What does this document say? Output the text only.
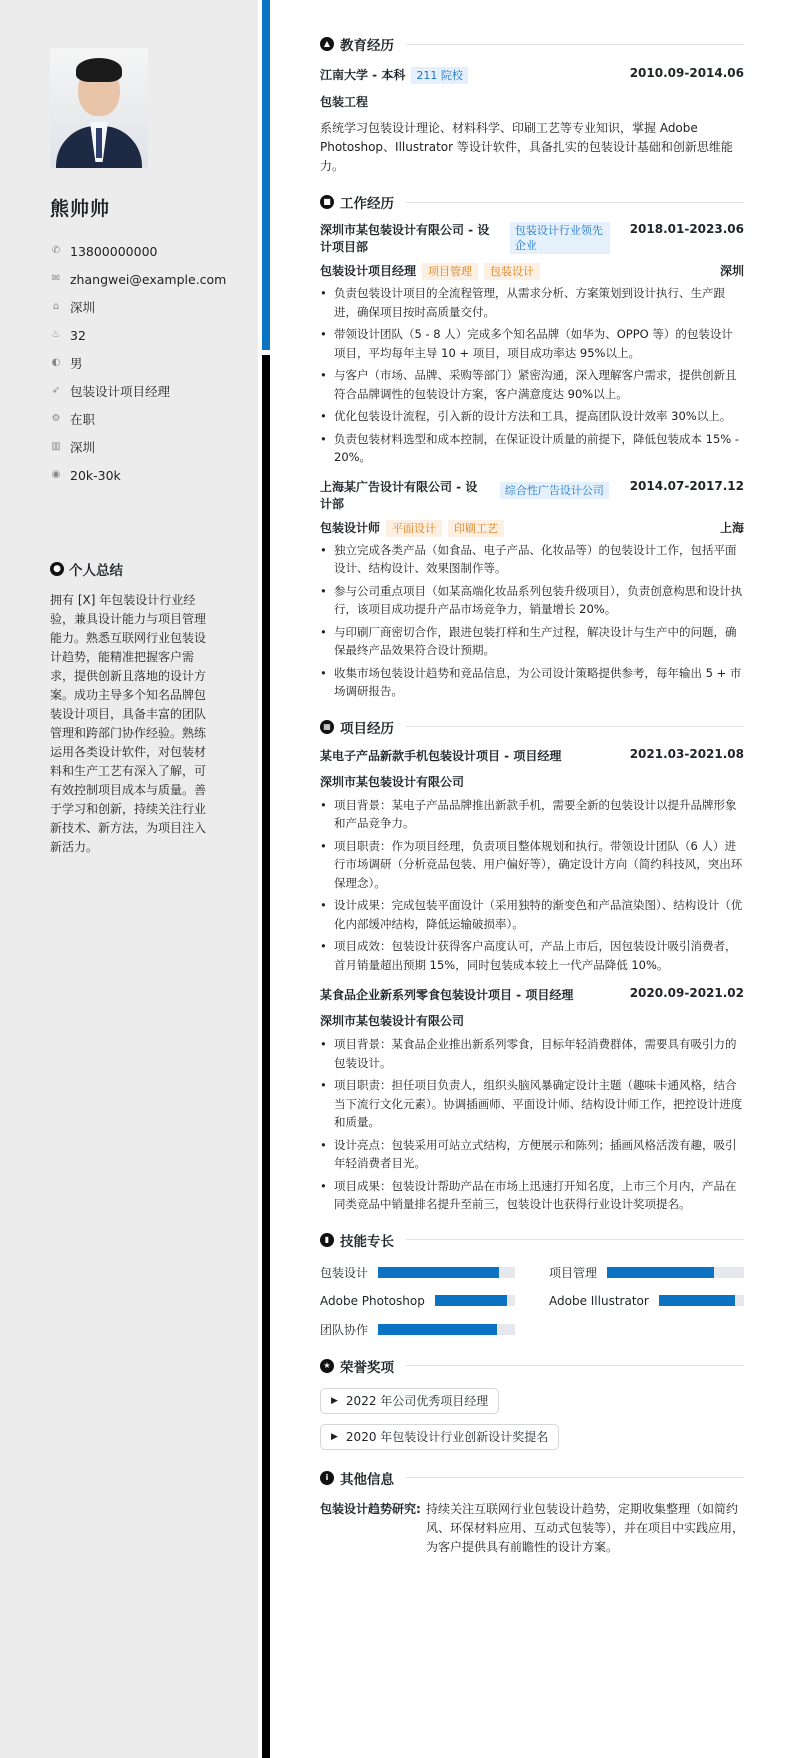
熊帅帅
✆ 13800000000
✉ zhangwei@example.com
⌂ 深圳
♨ 32
◐ 男
➶ 包装设计项目经理
⚙ 在职
▥ 深圳
◉ 20k-30k
● 个人总结
拥有 [X] 年包装设计行业经验，兼具设计能力与项目管理能力。熟悉互联网行业包装设计趋势，能精准把握客户需求，提供创新且落地的设计方案。成功主导多个知名品牌包装设计项目，具备丰富的团队管理和跨部门协作经验。熟练运用各类设计软件，对包装材料和生产工艺有深入了解，可有效控制项目成本与质量。善于学习和创新，持续关注行业新技术、新方法，为项目注入新活力。
▲ 教育经历
江南大学 - 本科 211 院校	2010.09-2014.06
包装工程
系统学习包装设计理论、材料科学、印刷工艺等专业知识，掌握 Adobe Photoshop、Illustrator 等设计软件，具备扎实的包装设计基础和创新思维能力。
■ 工作经历
深圳市某包装设计有限公司 - 设计项目部
包装设计行业领先企业
2018.01-2023.06
包装设计项目经理 项目管理 包装设计	深圳
• 负责包装设计项目的全流程管理，从需求分析、方案策划到设计执行、生产跟进，确保项目按时高质量交付。
• 带领设计团队（5 - 8 人）完成多个知名品牌（如华为、OPPO 等）的包装设计项目，平均每年主导 10 + 项目，项目成功率达 95%以上。
• 与客户（市场、品牌、采购等部门）紧密沟通，深入理解客户需求，提供创新且符合品牌调性的包装设计方案，客户满意度达 90%以上。
• 优化包装设计流程，引入新的设计方法和工具，提高团队设计效率 30%以上。
• 负责包装材料选型和成本控制，在保证设计质量的前提下，降低包装成本 15% - 20%。
上海某广告设计有限公司 - 设计部
综合性广告设计公司	2014.07-2017.12
包装设计师 平面设计 印刷工艺	上海
• 独立完成各类产品（如食品、电子产品、化妆品等）的包装设计工作，包括平面设计、结构设计、效果图制作等。
• 参与公司重点项目（如某高端化妆品系列包装升级项目），负责创意构思和设计执行，该项目成功提升产品市场竞争力，销量增长 20%。
• 与印刷厂商密切合作，跟进包装打样和生产过程，解决设计与生产中的问题，确保最终产品效果符合设计预期。
• 收集市场包装设计趋势和竞品信息，为公司设计策略提供参考，每年输出 5 + 市场调研报告。
▦ 项目经历
某电子产品新款手机包装设计项目 - 项目经理	2021.03-2021.08
深圳市某包装设计有限公司
• 项目背景：某电子产品品牌推出新款手机，需要全新的包装设计以提升品牌形象和产品竞争力。
• 项目职责：作为项目经理，负责项目整体规划和执行。带领设计团队（6 人）进行市场调研（分析竞品包装、用户偏好等），确定设计方向（简约科技风，突出环保理念）。
• 设计成果：完成包装平面设计（采用独特的渐变色和产品渲染图）、结构设计（优化内部缓冲结构，降低运输破损率）。
• 项目成效：包装设计获得客户高度认可，产品上市后，因包装设计吸引消费者，首月销量超出预期 15%，同时包装成本较上一代产品降低 10%。
某食品企业新系列零食包装设计项目 - 项目经理	2020.09-2021.02
深圳市某包装设计有限公司
• 项目背景：某食品企业推出新系列零食，目标年轻消费群体，需要具有吸引力的包装设计。
• 项目职责：担任项目负责人，组织头脑风暴确定设计主题（趣味卡通风格，结合当下流行文化元素）。协调插画师、平面设计师、结构设计师工作，把控设计进度和质量。
• 设计亮点：包装采用可站立式结构，方便展示和陈列；插画风格活泼有趣，吸引年轻消费者目光。
• 项目成果：包装设计帮助产品在市场上迅速打开知名度，上市三个月内，产品在同类竞品中销量排名提升至前三，包装设计也获得行业设计奖项提名。
▮ 技能专长
包装设计	项目管理
Adobe Photoshop	Adobe Illustrator
团队协作
★ 荣誉奖项
▶ 2022 年公司优秀项目经理
▶ 2020 年包装设计行业创新设计奖提名
i 其他信息
包装设计趋势研究: 持续关注互联网行业包装设计趋势，定期收集整理（如简约风、环保材料应用、互动式包装等），并在项目中实践应用，为客户提供具有前瞻性的设计方案。
